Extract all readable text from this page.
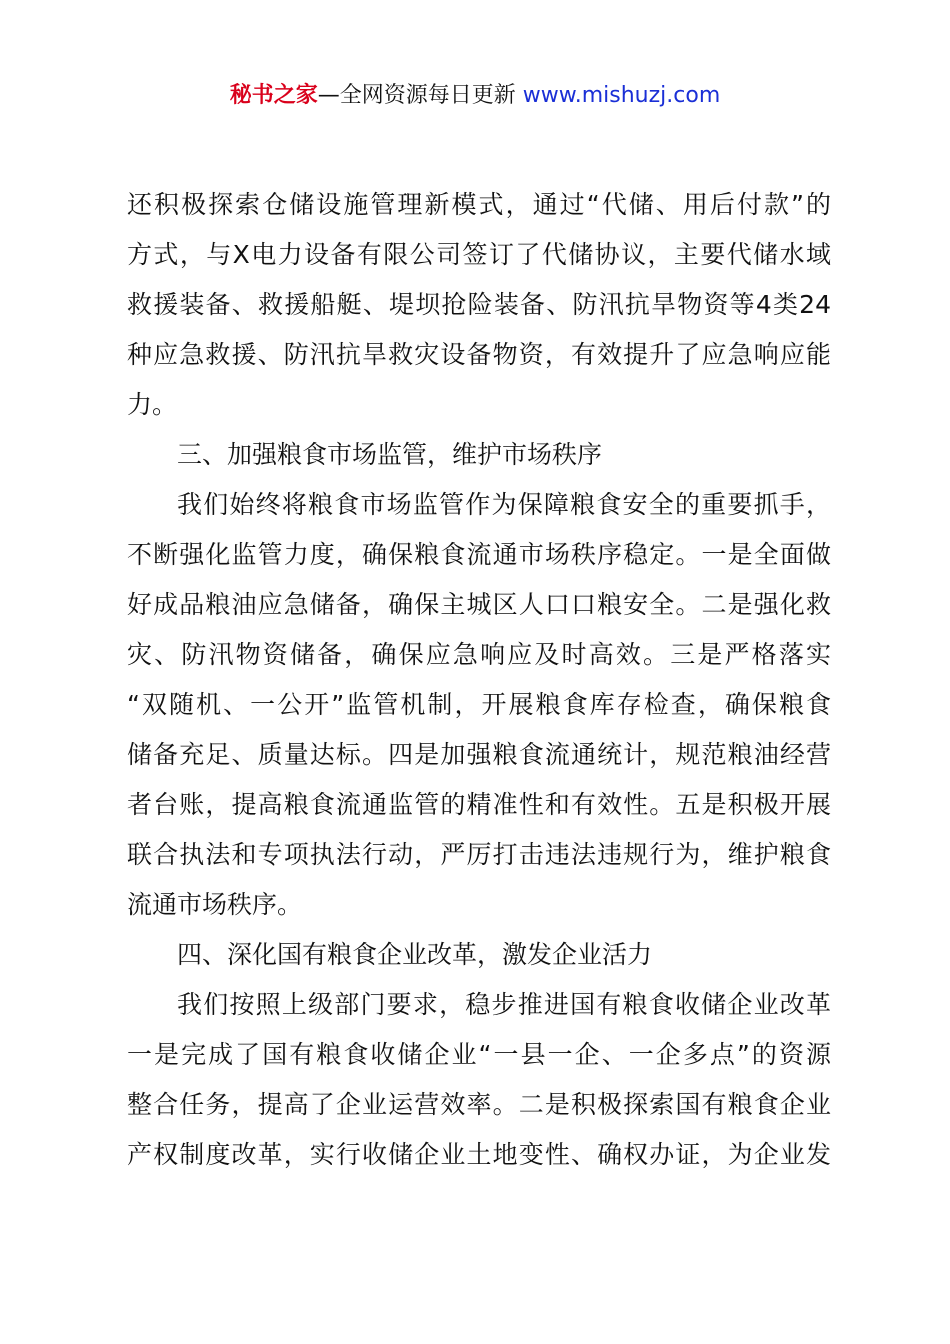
秘书之家—全网资源每日更新 www.mishuzj.com
还积极探索仓储设施管理新模式，通过“代储、用后付款”的
方式，与X电力设备有限公司签订了代储协议，主要代储水域
救援装备、救援船艇、堤坝抢险装备、防汛抗旱物资等4类24
种应急救援、防汛抗旱救灾设备物资，有效提升了应急响应能
力。
三、加强粮食市场监管，维护市场秩序
我们始终将粮食市场监管作为保障粮食安全的重要抓手，
不断强化监管力度，确保粮食流通市场秩序稳定。一是全面做
好成品粮油应急储备，确保主城区人口口粮安全。二是强化救
灾、防汛物资储备，确保应急响应及时高效。三是严格落实
“双随机、一公开”监管机制，开展粮食库存检查，确保粮食
储备充足、质量达标。四是加强粮食流通统计，规范粮油经营
者台账，提高粮食流通监管的精准性和有效性。五是积极开展
联合执法和专项执法行动，严厉打击违法违规行为，维护粮食
流通市场秩序。
四、深化国有粮食企业改革，激发企业活力
我们按照上级部门要求，稳步推进国有粮食收储企业改革
一是完成了国有粮食收储企业“一县一企、一企多点”的资源
整合任务，提高了企业运营效率。二是积极探索国有粮食企业
产权制度改革，实行收储企业土地变性、确权办证，为企业发
